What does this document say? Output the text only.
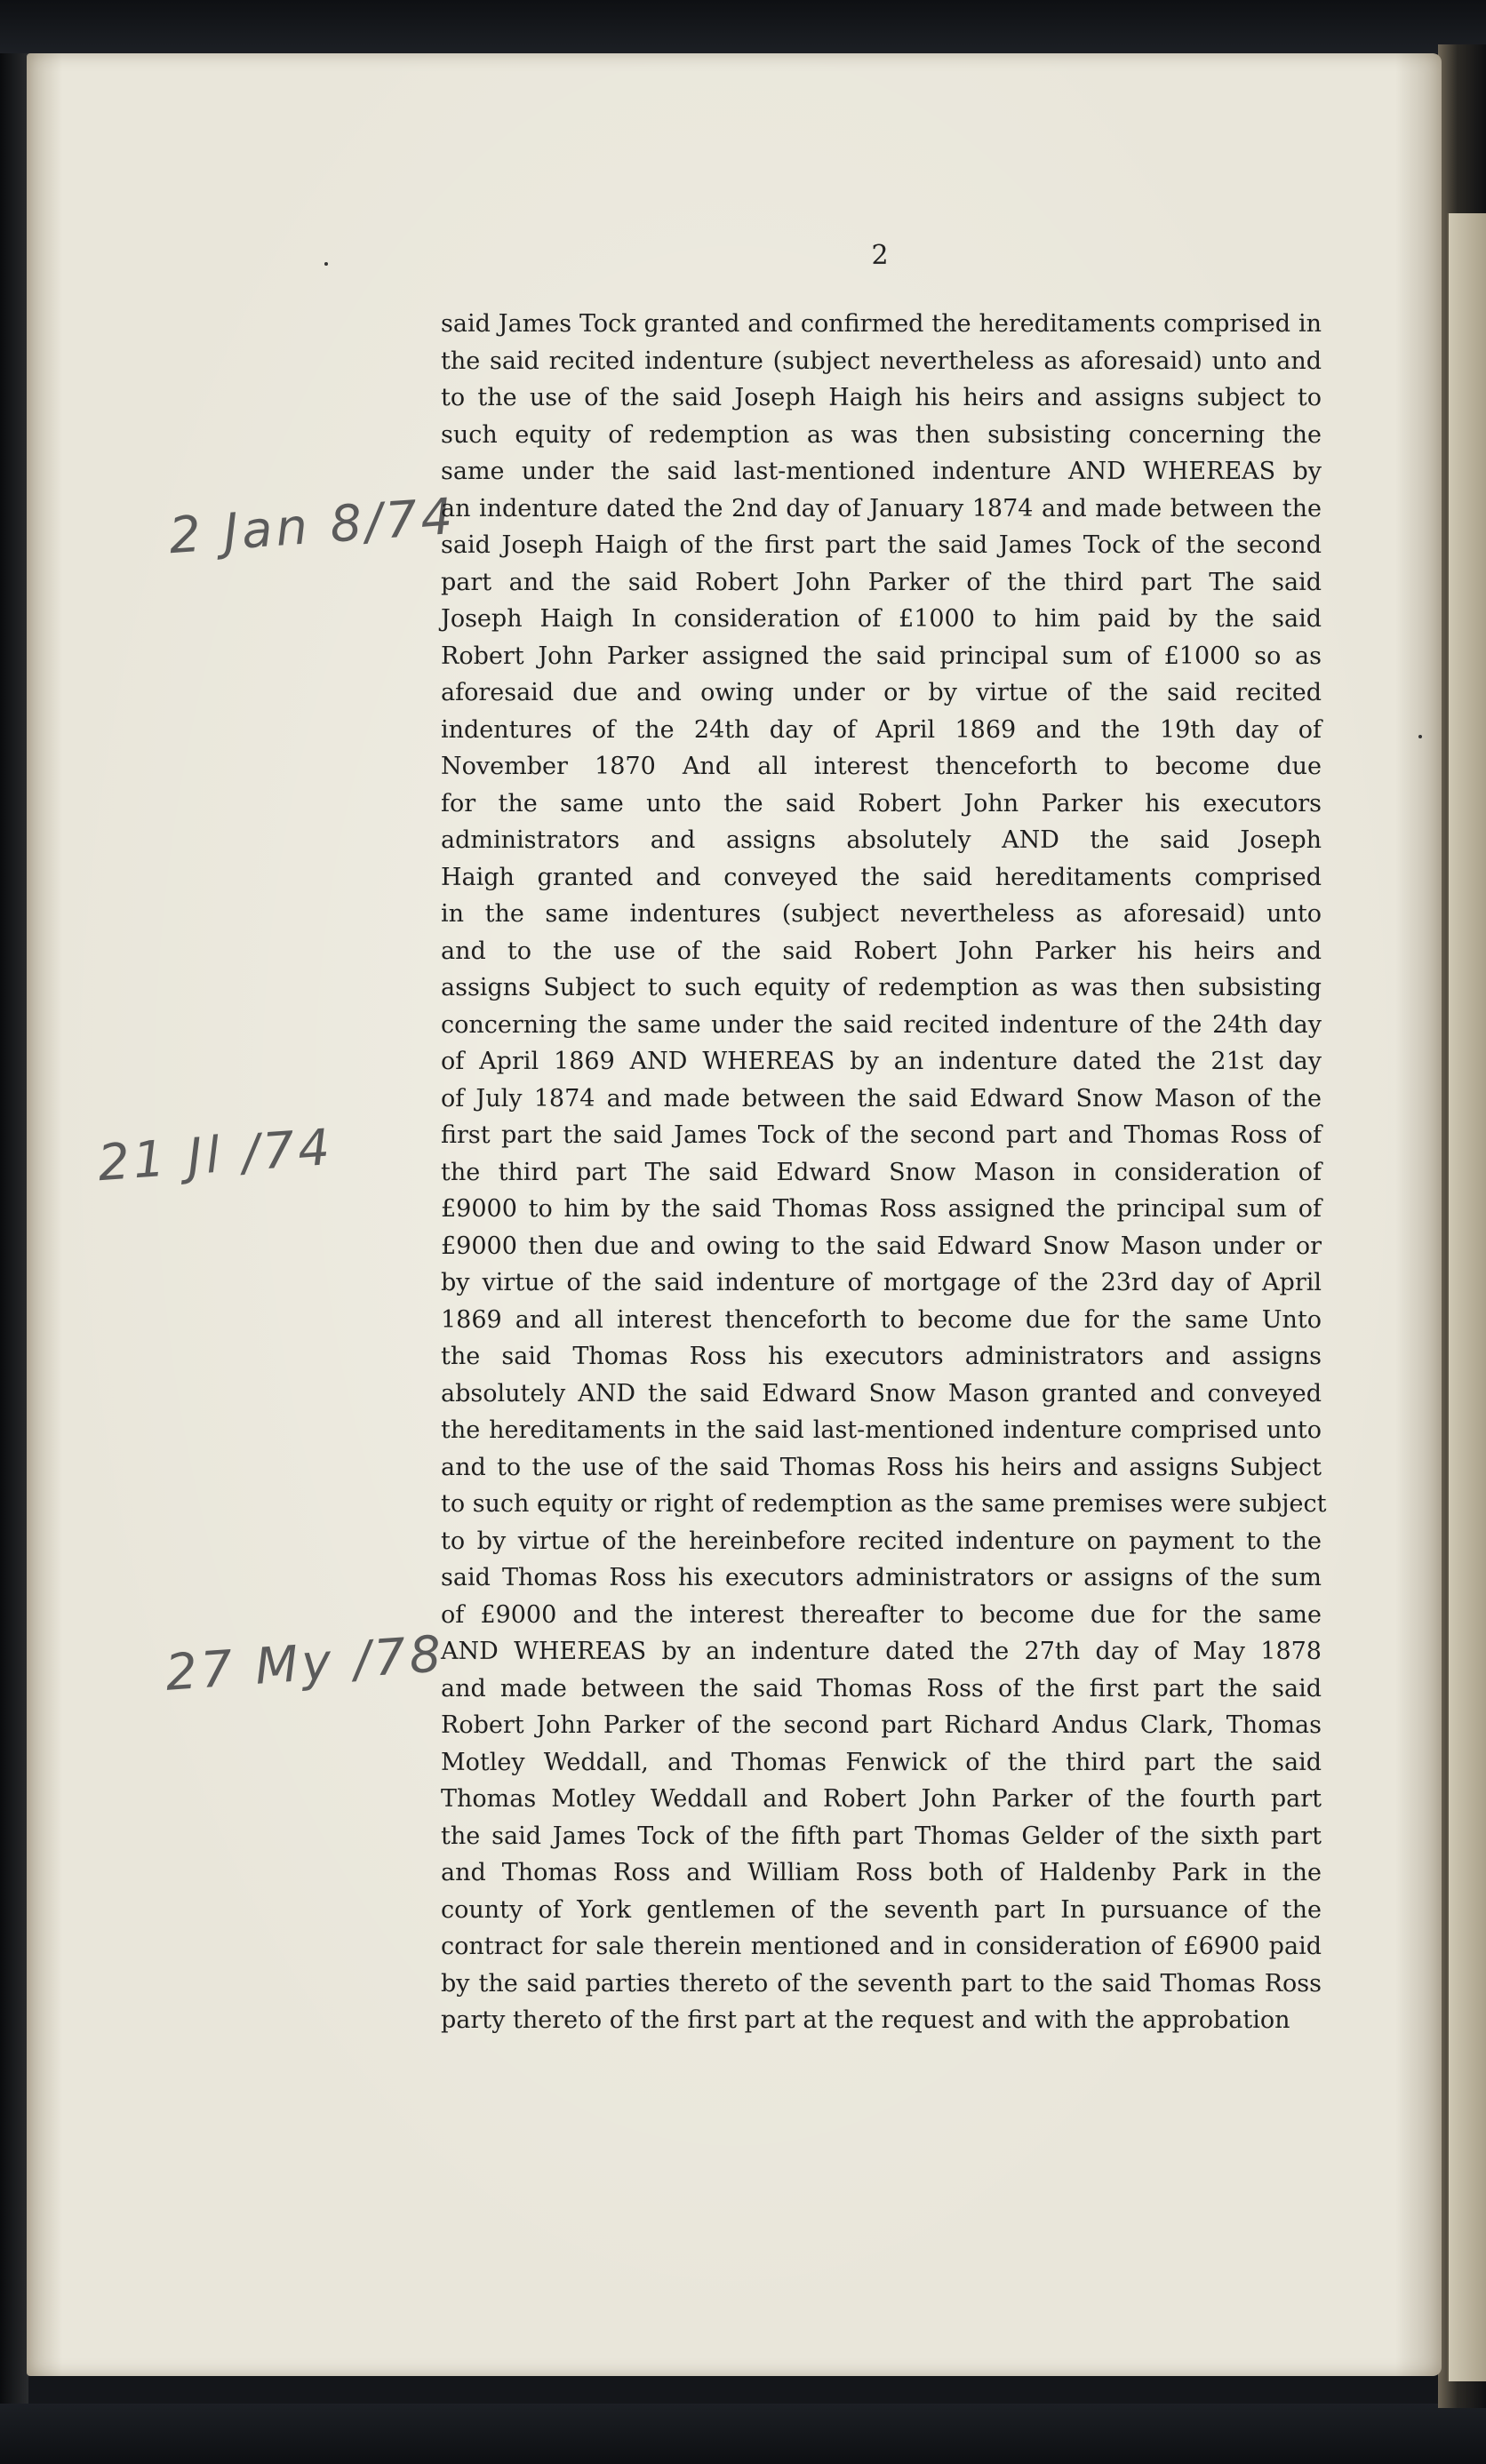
2
2 Jan 8/74
21 Jl /74
27 My /78
said James Tock granted and confirmed the hereditaments comprised in
the said recited indenture (subject nevertheless as aforesaid) unto and
to the use of the said Joseph Haigh his heirs and assigns subject to
such equity of redemption as was then subsisting concerning the
same under the said last-mentioned indenture AND WHEREAS by
an indenture dated the 2nd day of January 1874 and made between the
said Joseph Haigh of the first part the said James Tock of the second
part and the said Robert John Parker of the third part The said
Joseph Haigh In consideration of £1000 to him paid by the said
Robert John Parker assigned the said principal sum of £1000 so as
aforesaid due and owing under or by virtue of the said recited
indentures of the 24th day of April 1869 and the 19th day of
November 1870 And all interest thenceforth to become due
for the same unto the said Robert John Parker his executors
administrators and assigns absolutely AND the said Joseph
Haigh granted and conveyed the said hereditaments comprised
in the same indentures (subject nevertheless as aforesaid) unto
and to the use of the said Robert John Parker his heirs and
assigns Subject to such equity of redemption as was then subsisting
concerning the same under the said recited indenture of the 24th day
of April 1869 AND WHEREAS by an indenture dated the 21st day
of July 1874 and made between the said Edward Snow Mason of the
first part the said James Tock of the second part and Thomas Ross of
the third part The said Edward Snow Mason in consideration of
£9000 to him by the said Thomas Ross assigned the principal sum of
£9000 then due and owing to the said Edward Snow Mason under or
by virtue of the said indenture of mortgage of the 23rd day of April
1869 and all interest thenceforth to become due for the same Unto
the said Thomas Ross his executors administrators and assigns
absolutely AND the said Edward Snow Mason granted and conveyed
the hereditaments in the said last-mentioned indenture comprised unto
and to the use of the said Thomas Ross his heirs and assigns Subject
to such equity or right of redemption as the same premises were subject
to by virtue of the hereinbefore recited indenture on payment to the
said Thomas Ross his executors administrators or assigns of the sum
of £9000 and the interest thereafter to become due for the same
AND WHEREAS by an indenture dated the 27th day of May 1878
and made between the said Thomas Ross of the first part the said
Robert John Parker of the second part Richard Andus Clark, Thomas
Motley Weddall, and Thomas Fenwick of the third part the said
Thomas Motley Weddall and Robert John Parker of the fourth part
the said James Tock of the fifth part Thomas Gelder of the sixth part
and Thomas Ross and William Ross both of Haldenby Park in the
county of York gentlemen of the seventh part In pursuance of the
contract for sale therein mentioned and in consideration of £6900 paid
by the said parties thereto of the seventh part to the said Thomas Ross
party thereto of the first part at the request and with the approbation
